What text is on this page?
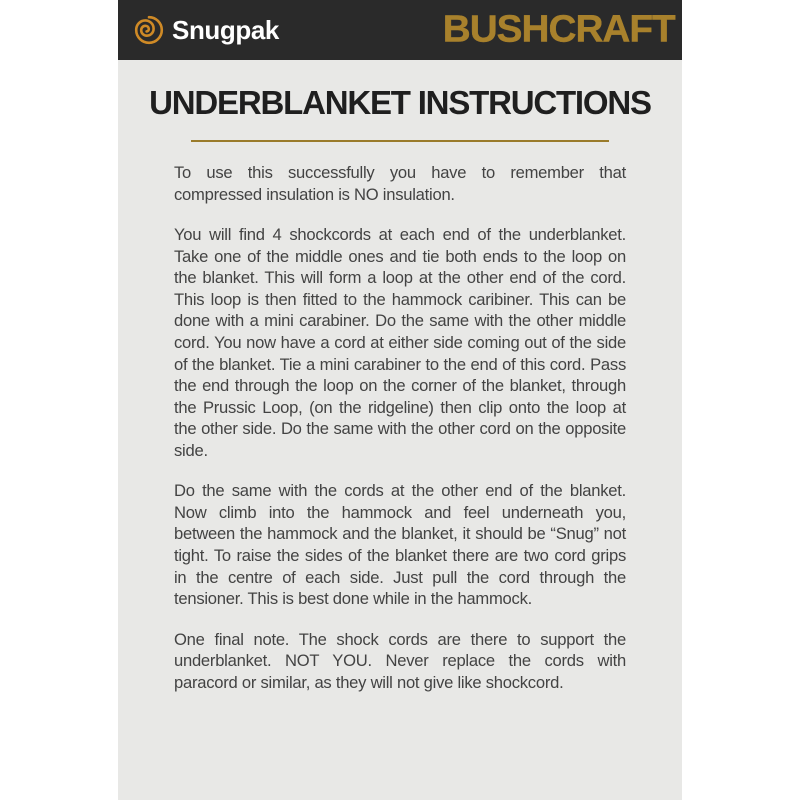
Snugpak	BUSHCRAFT
UNDERBLANKET INSTRUCTIONS

To use this successfully you have to remember that compressed insulation is NO insulation.

You will find 4 shockcords at each end of the underblanket. Take one of the middle ones and tie both ends to the loop on the blanket. This will form a loop at the other end of the cord. This loop is then fitted to the hammock caribiner. This can be done with a mini carabiner. Do the same with the other middle cord. You now have a cord at either side coming out of the side of the blanket. Tie a mini carabiner to the end of this cord. Pass the end through the loop on the corner of the blanket, through the Prussic Loop, (on the ridgeline) then clip onto the loop at the other side. Do the same with the other cord on the opposite side.

Do the same with the cords at the other end of the blanket. Now climb into the hammock and feel underneath you, between the hammock and the blanket, it should be “Snug” not tight. To raise the sides of the blanket there are two cord grips in the centre of each side. Just pull the cord through the tensioner. This is best done while in the hammock.

One final note. The shock cords are there to support the underblanket. NOT YOU. Never replace the cords with paracord or similar, as they will not give like shockcord.
